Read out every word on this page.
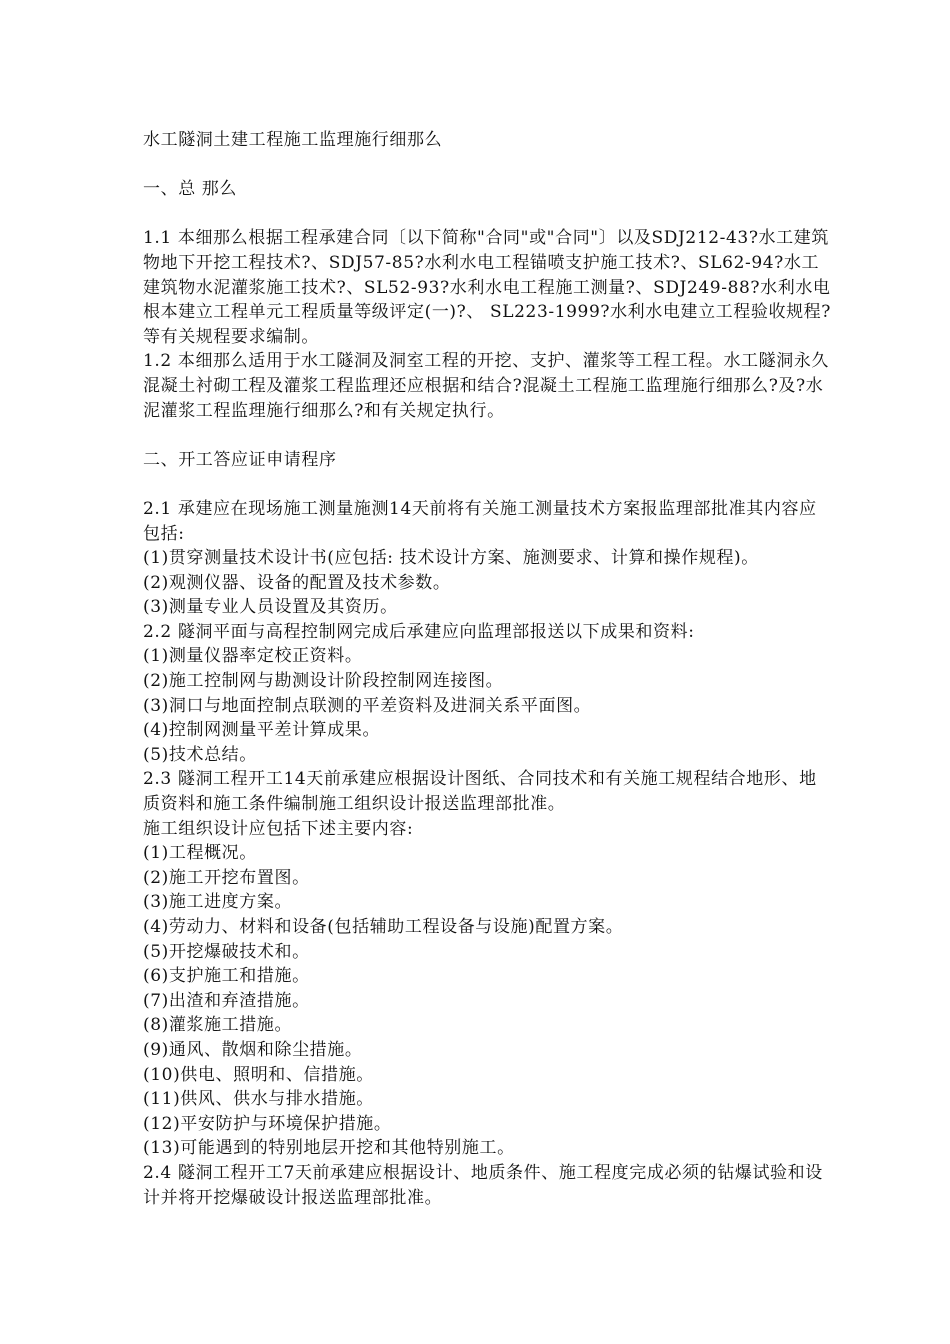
水工隧洞土建工程施工监理施行细那么

一、总 那么

1.1 本细那么根据工程承建合同〔以下简称"合同"或"合同"〕以及SDJ212-43?水工建筑物地下开挖工程技术?、SDJ57-85?水利水电工程锚喷支护施工技术?、SL62-94?水工建筑物水泥灌浆施工技术?、SL52-93?水利水电工程施工测量?、SDJ249-88?水利水电根本建立工程单元工程质量等级评定(一)?、 SL223-1999?水利水电建立工程验收规程?等有关规程要求编制。

1.2 本细那么适用于水工隧洞及洞室工程的开挖、支护、灌浆等工程工程。水工隧洞永久混凝土衬砌工程及灌浆工程监理还应根据和结合?混凝土工程施工监理施行细那么?及?水泥灌浆工程监理施行细那么?和有关规定执行。

二、开工答应证申请程序

2.1 承建应在现场施工测量施测14天前将有关施工测量技术方案报监理部批准其内容应包括:

(1)贯穿测量技术设计书(应包括: 技术设计方案、施测要求、计算和操作规程)。

(2)观测仪器、设备的配置及技术参数。

(3)测量专业人员设置及其资历。

2.2 隧洞平面与高程控制网完成后承建应向监理部报送以下成果和资料:

(1)测量仪器率定校正资料。

(2)施工控制网与勘测设计阶段控制网连接图。

(3)洞口与地面控制点联测的平差资料及进洞关系平面图。

(4)控制网测量平差计算成果。

(5)技术总结。

2.3 隧洞工程开工14天前承建应根据设计图纸、合同技术和有关施工规程结合地形、地质资料和施工条件编制施工组织设计报送监理部批准。

施工组织设计应包括下述主要内容:

(1)工程概况。

(2)施工开挖布置图。

(3)施工进度方案。

(4)劳动力、材料和设备(包括辅助工程设备与设施)配置方案。

(5)开挖爆破技术和。

(6)支护施工和措施。

(7)出渣和弃渣措施。

(8)灌浆施工措施。

(9)通风、散烟和除尘措施。

(10)供电、照明和、信措施。

(11)供风、供水与排水措施。

(12)平安防护与环境保护措施。

(13)可能遇到的特别地层开挖和其他特别施工。

2.4 隧洞工程开工7天前承建应根据设计、地质条件、施工程度完成必须的钻爆试验和设计并将开挖爆破设计报送监理部批准。
